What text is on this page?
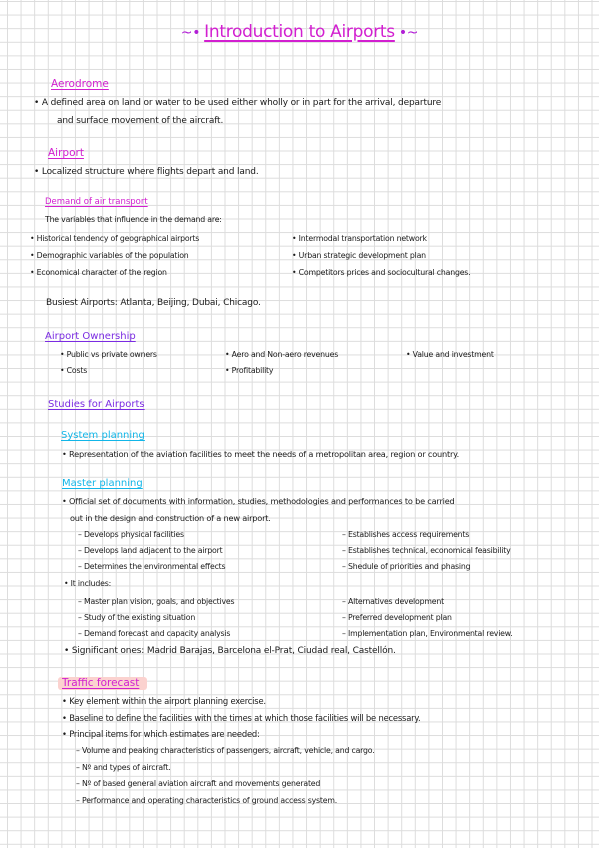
~• Introduction to Airports •~
Aerodrome
• A defined area on land or water to be used either wholly or in part for the arrival, departure
and surface movement of the aircraft.
Airport
• Localized structure where flights depart and land.
Demand of air transport
The variables that influence in the demand are:
• Historical tendency of geographical airports
• Demographic variables of the population
• Economical character of the region
• Intermodal transportation network
• Urban strategic development plan
• Competitors prices and sociocultural changes.
Busiest Airports: Atlanta, Beijing, Dubai, Chicago.
Airport Ownership
• Public vs private owners
• Costs
• Aero and Non-aero revenues
• Profitability
• Value and investment
Studies for Airports
System planning
• Representation of the aviation facilities to meet the needs of a metropolitan area, region or country.
Master planning
• Official set of documents with information, studies, methodologies and performances to be carried
out in the design and construction of a new airport.
– Develops physical facilities
– Develops land adjacent to the airport
– Determines the environmental effects
– Establishes access requirements
– Establishes technical, economical feasibility
– Shedule of priorities and phasing
• It includes:
– Master plan vision, goals, and objectives
– Study of the existing situation
– Demand forecast and capacity analysis
– Alternatives development
– Preferred development plan
– Implementation plan, Environmental review.
• Significant ones: Madrid Barajas, Barcelona el-Prat, Ciudad real, Castellón.
Traffic forecast
• Key element within the airport planning exercise.
• Baseline to define the facilities with the times at which those facilities will be necessary.
• Principal items for which estimates are needed:
– Volume and peaking characteristics of passengers, aircraft, vehicle, and cargo.
– Nº and types of aircraft.
– Nº of based general aviation aircraft and movements generated
– Performance and operating characteristics of ground access system.
